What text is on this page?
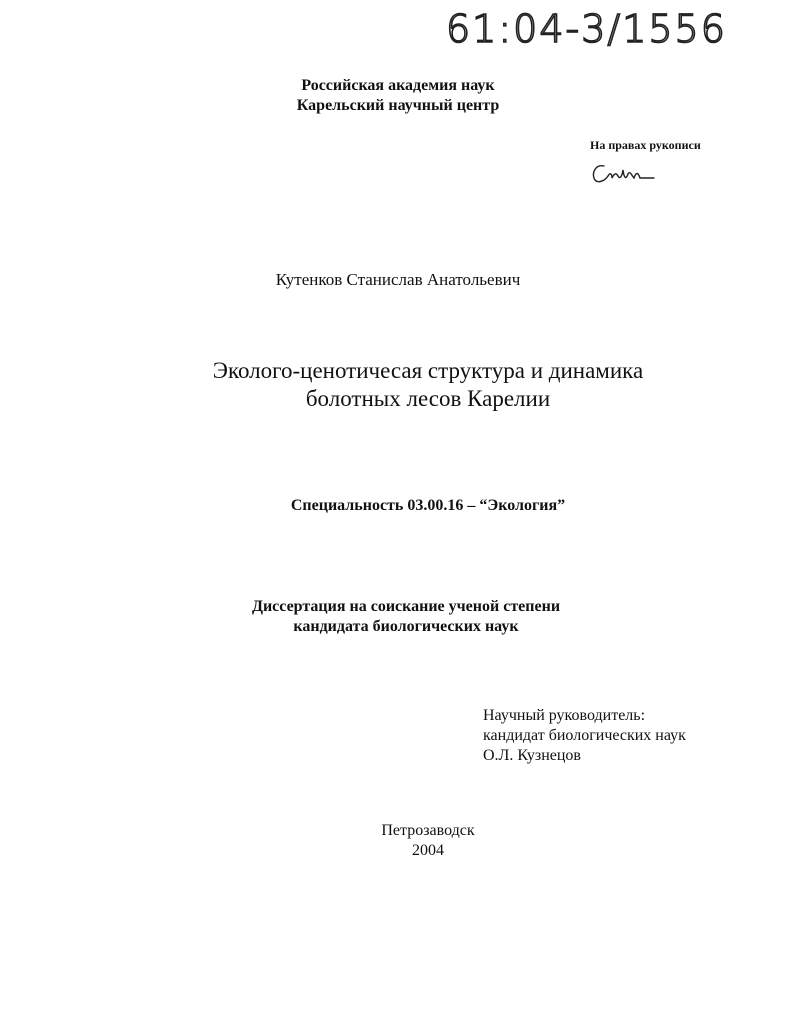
61:04-3/1556
Российская академия наук
Карельский научный центр
На правах рукописи
Кутенков Станислав Анатольевич
Эколого-ценотичесая структура и динамика
болотных лесов Карелии
Специальность 03.00.16 – “Экология”
Диссертация на соискание ученой степени
кандидата биологических наук
Научный руководитель:
кандидат биологических наук
О.Л. Кузнецов
Петрозаводск
2004
